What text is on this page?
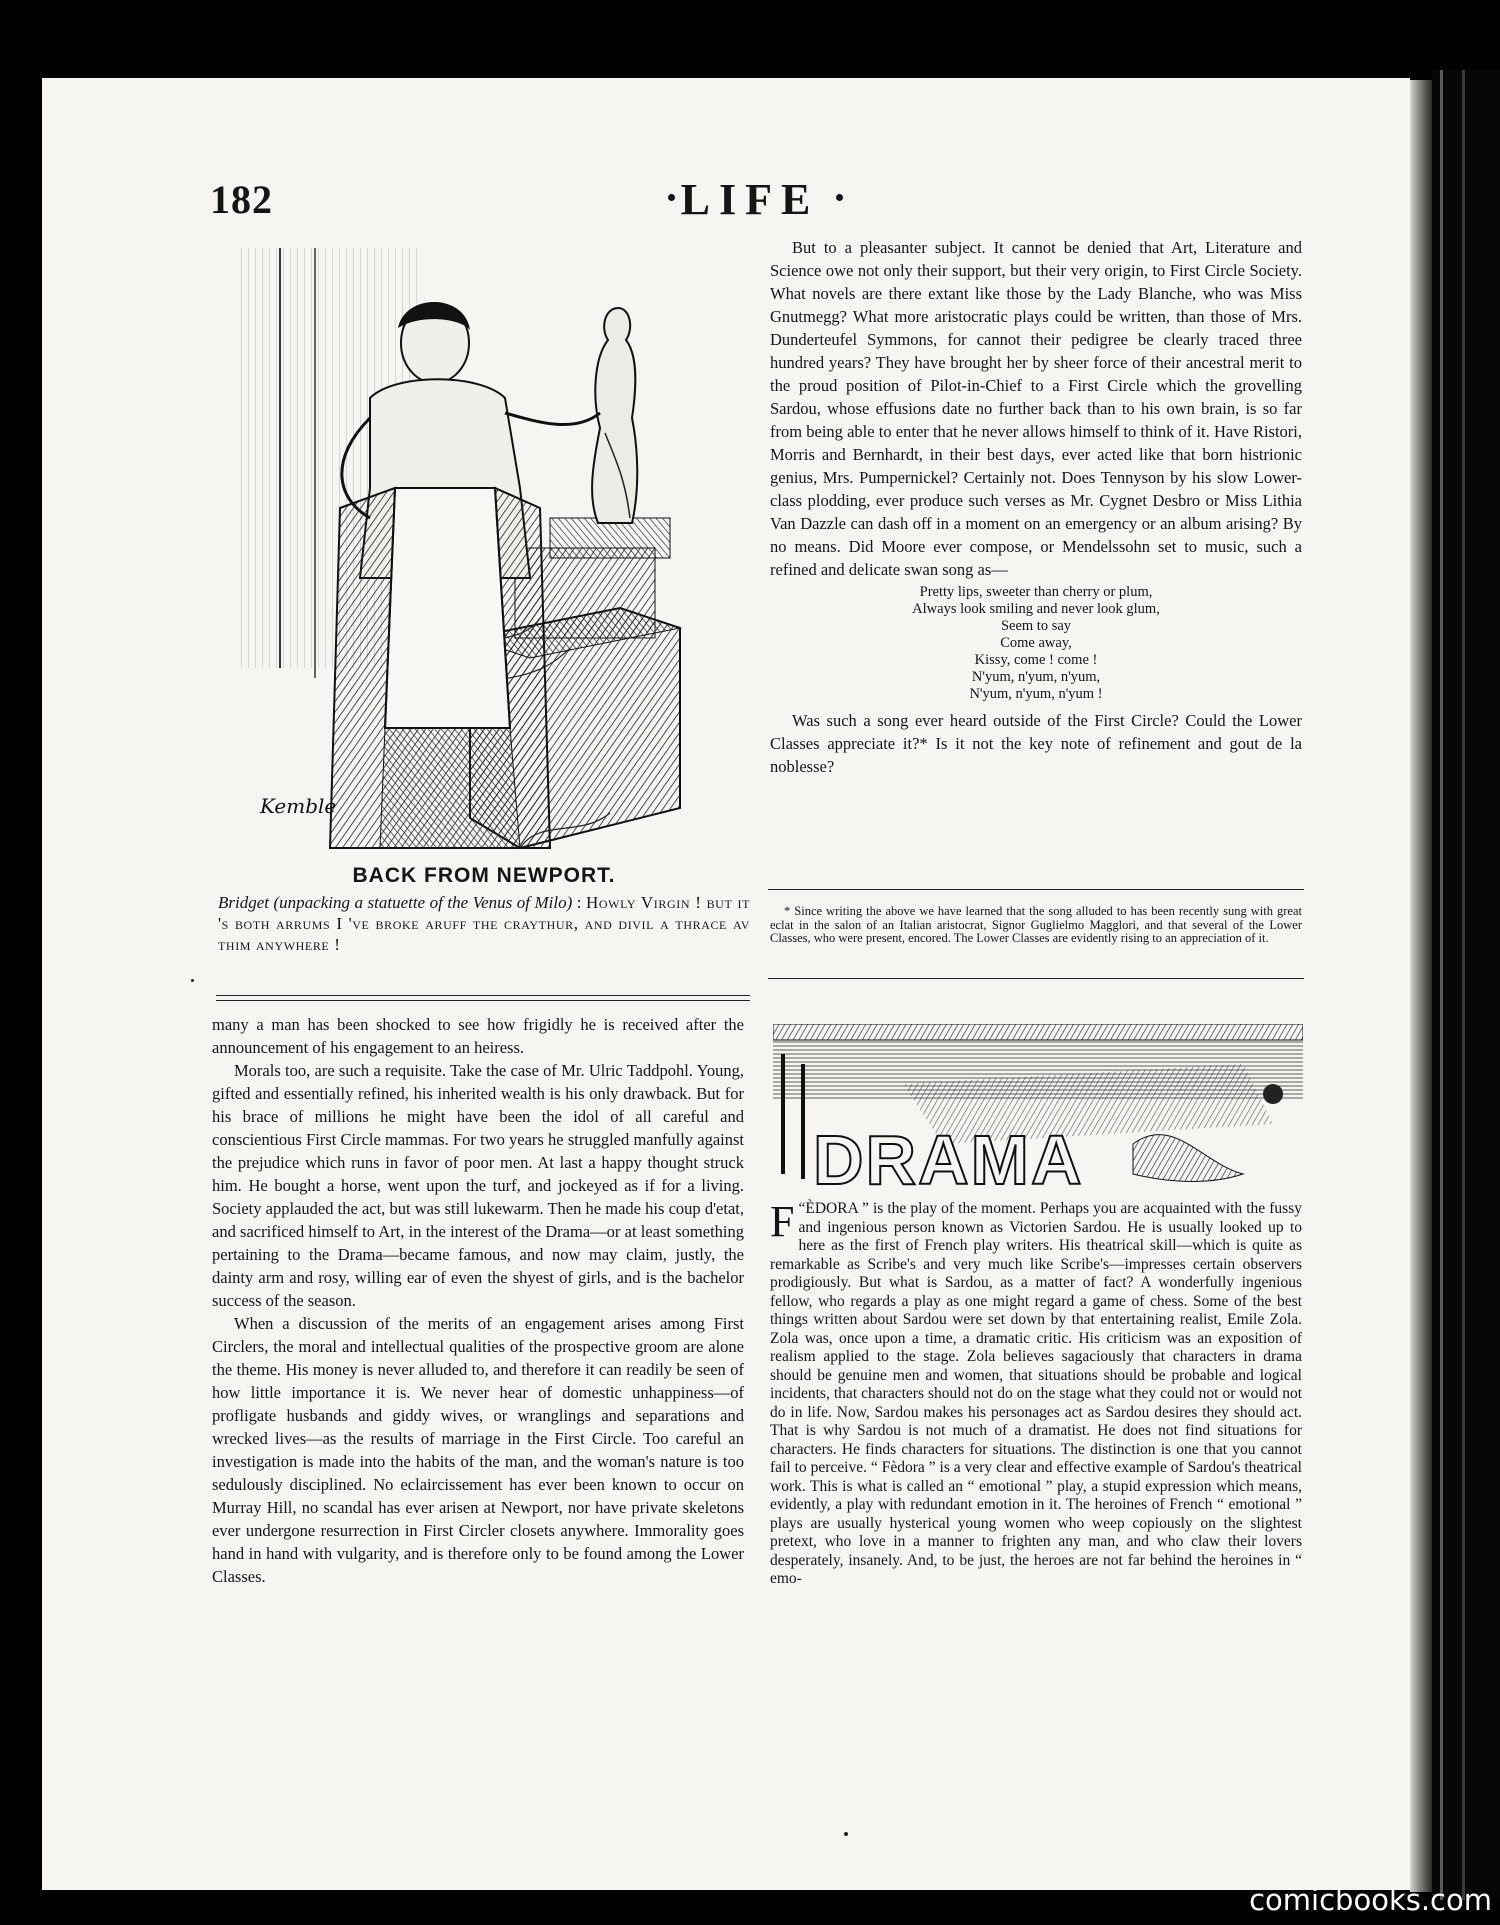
182	LIFE
Kemble
BACK FROM NEWPORT.
Bridget (unpacking a statuette of the Venus of Milo) : Howly Virgin ! but it 's both arrums I 've broke aruff the craythur, and divil a thrace av thim anywhere !

many a man has been shocked to see how frigidly he is received after the announcement of his engagement to an heiress.

Morals too, are such a requisite. Take the case of Mr. Ulric Taddpohl. Young, gifted and essentially refined, his inherited wealth is his only drawback. But for his brace of millions he might have been the idol of all careful and conscientious First Circle mammas. For two years he struggled manfully against the prejudice which runs in favor of poor men. At last a happy thought struck him. He bought a horse, went upon the turf, and jockeyed as if for a living. Society applauded the act, but was still lukewarm. Then he made his coup d'etat, and sacrificed himself to Art, in the interest of the Drama—or at least something pertaining to the Drama—became famous, and now may claim, justly, the dainty arm and rosy, willing ear of even the shyest of girls, and is the bachelor success of the season.

When a discussion of the merits of an engagement arises among First Circlers, the moral and intellectual qualities of the prospective groom are alone the theme. His money is never alluded to, and therefore it can readily be seen of how little importance it is. We never hear of domestic unhappiness—of profligate husbands and giddy wives, or wranglings and separations and wrecked lives—as the results of marriage in the First Circle. Too careful an investigation is made into the habits of the man, and the woman's nature is too sedulously disciplined. No eclaircissement has ever been known to occur on Murray Hill, no scandal has ever arisen at Newport, nor have private skeletons ever undergone resurrection in First Circler closets anywhere. Immorality goes hand in hand with vulgarity, and is therefore only to be found among the Lower Classes.

But to a pleasanter subject. It cannot be denied that Art, Literature and Science owe not only their support, but their very origin, to First Circle Society. What novels are there extant like those by the Lady Blanche, who was Miss Gnutmegg? What more aristocratic plays could be written, than those of Mrs. Dunderteufel Symmons, for cannot their pedigree be clearly traced three hundred years? They have brought her by sheer force of their ancestral merit to the proud position of Pilot-in-Chief to a First Circle which the grovelling Sardou, whose effusions date no further back than to his own brain, is so far from being able to enter that he never allows himself to think of it. Have Ristori, Morris and Bernhardt, in their best days, ever acted like that born histrionic genius, Mrs. Pumpernickel? Certainly not. Does Tennyson by his slow Lower-class plodding, ever produce such verses as Mr. Cygnet Desbro or Miss Lithia Van Dazzle can dash off in a moment on an emergency or an album arising? By no means. Did Moore ever compose, or Mendelssohn set to music, such a refined and delicate swan song as—

Pretty lips, sweeter than cherry or plum,
Always look smiling and never look glum,
Seem to say
Come away,
Kissy, come ! come !
N'yum, n'yum, n'yum,
N'yum, n'yum, n'yum !

Was such a song ever heard outside of the First Circle? Could the Lower Classes appreciate it?* Is it not the key note of refinement and gout de la noblesse?

* Since writing the above we have learned that the song alluded to has been recently sung with great eclat in the salon of an Italian aristocrat, Signor Guglielmo Magglori, and that several of the Lower Classes, who were present, encored. The Lower Classes are evidently rising to an appreciation of it.

DRAMA

“
F ÈDORA ” is the play of the moment. Perhaps you are acquainted with the fussy and ingenious person known as Victorien Sardou. He is usually looked up to here as the first of French play writers. His theatrical skill—which is quite as remarkable as Scribe's and very much like Scribe's—impresses certain observers prodigiously. But what is Sardou, as a matter of fact? A wonderfully ingenious fellow, who regards a play as one might regard a game of chess. Some of the best things written about Sardou were set down by that entertaining realist, Emile Zola. Zola was, once upon a time, a dramatic critic. His criticism was an exposition of realism applied to the stage. Zola believes sagaciously that characters in drama should be genuine men and women, that situations should be probable and logical incidents, that characters should not do on the stage what they could not or would not do in life. Now, Sardou makes his personages act as Sardou desires they should act. That is why Sardou is not much of a dramatist. He does not find situations for characters. He finds characters for situations. The distinction is one that you cannot fail to perceive. “ Fèdora ” is a very clear and effective example of Sardou's theatrical work. This is what is called an “ emotional ” play, a stupid expression which means, evidently, a play with redundant emotion in it. The heroines of French “ emotional ” plays are usually hysterical young women who weep copiously on the slightest pretext, who love in a manner to frighten any man, and who claw their lovers desperately, insanely. And, to be just, the heroes are not far behind the heroines in “ emo-

comicbooks.com
